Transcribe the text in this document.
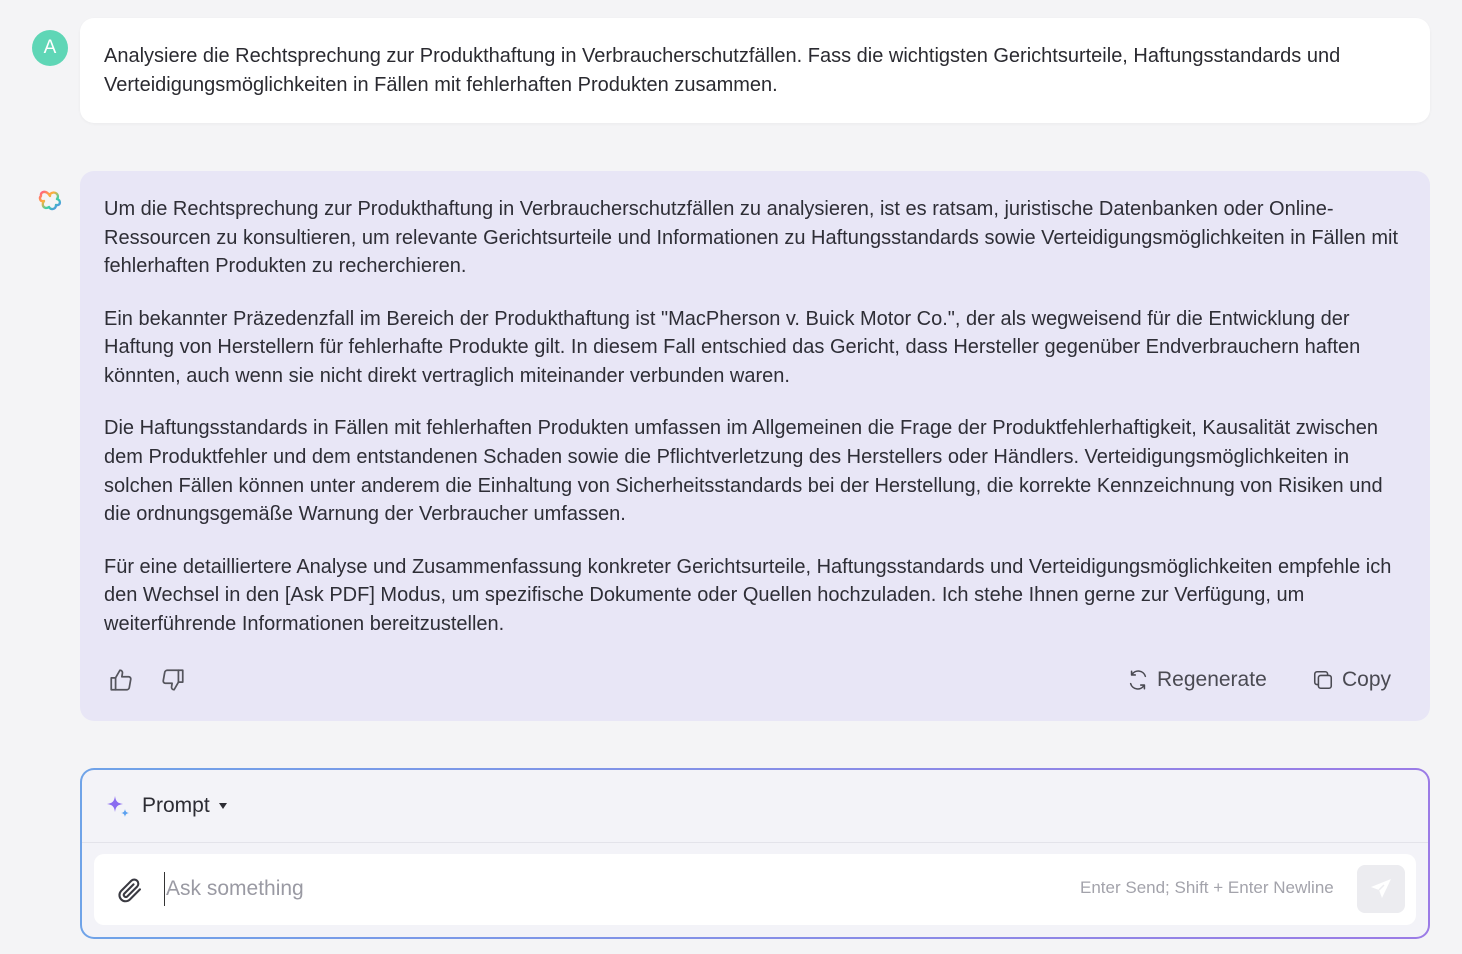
A	Analysiere die Rechtsprechung zur Produkthaftung in Verbraucherschutzfällen. Fass die wichtigsten Gerichtsurteile, Haftungsstandards und Verteidigungsmöglichkeiten in Fällen mit fehlerhaften Produkten zusammen.

Um die Rechtsprechung zur Produkthaftung in Verbraucherschutzfällen zu analysieren, ist es ratsam, juristische Datenbanken oder Online-Ressourcen zu konsultieren, um relevante Gerichtsurteile und Informationen zu Haftungsstandards sowie Verteidigungsmöglichkeiten in Fällen mit fehlerhaften Produkten zu recherchieren.

Ein bekannter Präzedenzfall im Bereich der Produkthaftung ist "MacPherson v. Buick Motor Co.", der als wegweisend für die Entwicklung der Haftung von Herstellern für fehlerhafte Produkte gilt. In diesem Fall entschied das Gericht, dass Hersteller gegenüber Endverbrauchern haften könnten, auch wenn sie nicht direkt vertraglich miteinander verbunden waren.

Die Haftungsstandards in Fällen mit fehlerhaften Produkten umfassen im Allgemeinen die Frage der Produktfehlerhaftigkeit, Kausalität zwischen dem Produktfehler und dem entstandenen Schaden sowie die Pflichtverletzung des Herstellers oder Händlers. Verteidigungsmöglichkeiten in solchen Fällen können unter anderem die Einhaltung von Sicherheitsstandards bei der Herstellung, die korrekte Kennzeichnung von Risiken und die ordnungsgemäße Warnung der Verbraucher umfassen.

Für eine detailliertere Analyse und Zusammenfassung konkreter Gerichtsurteile, Haftungsstandards und Verteidigungsmöglichkeiten empfehle ich den Wechsel in den [Ask PDF] Modus, um spezifische Dokumente oder Quellen hochzuladen. Ich stehe Ihnen gerne zur Verfügung, um weiterführende Informationen bereitzustellen.

Regenerate	Copy
Prompt
Ask something
Enter Send; Shift + Enter Newline
